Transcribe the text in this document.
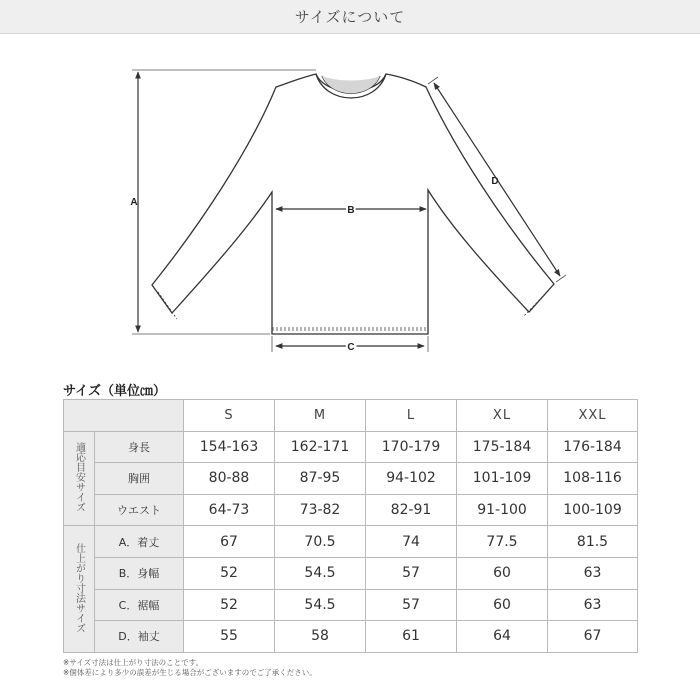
サイズについて
A
B
C
D
サイズ（単位㎝）
		S	M	L	XL	XXL
適応目安サイズ	身長	154-163	162-171	170-179	175-184	176-184
	胸囲	80-88	87-95	94-102	101-109	108-116
	ウエスト	64-73	73-82	82-91	91-100	100-109
仕上がり寸法サイズ	A．着丈	67	70.5	74	77.5	81.5
	B．身幅	52	54.5	57	60	63
	C．裾幅	52	54.5	57	60	63
	D．袖丈	55	58	61	64	67
※サイズ寸法は仕上がり寸法のことです。
※個体差により多少の誤差が生じる場合がございますのでご了承ください。
